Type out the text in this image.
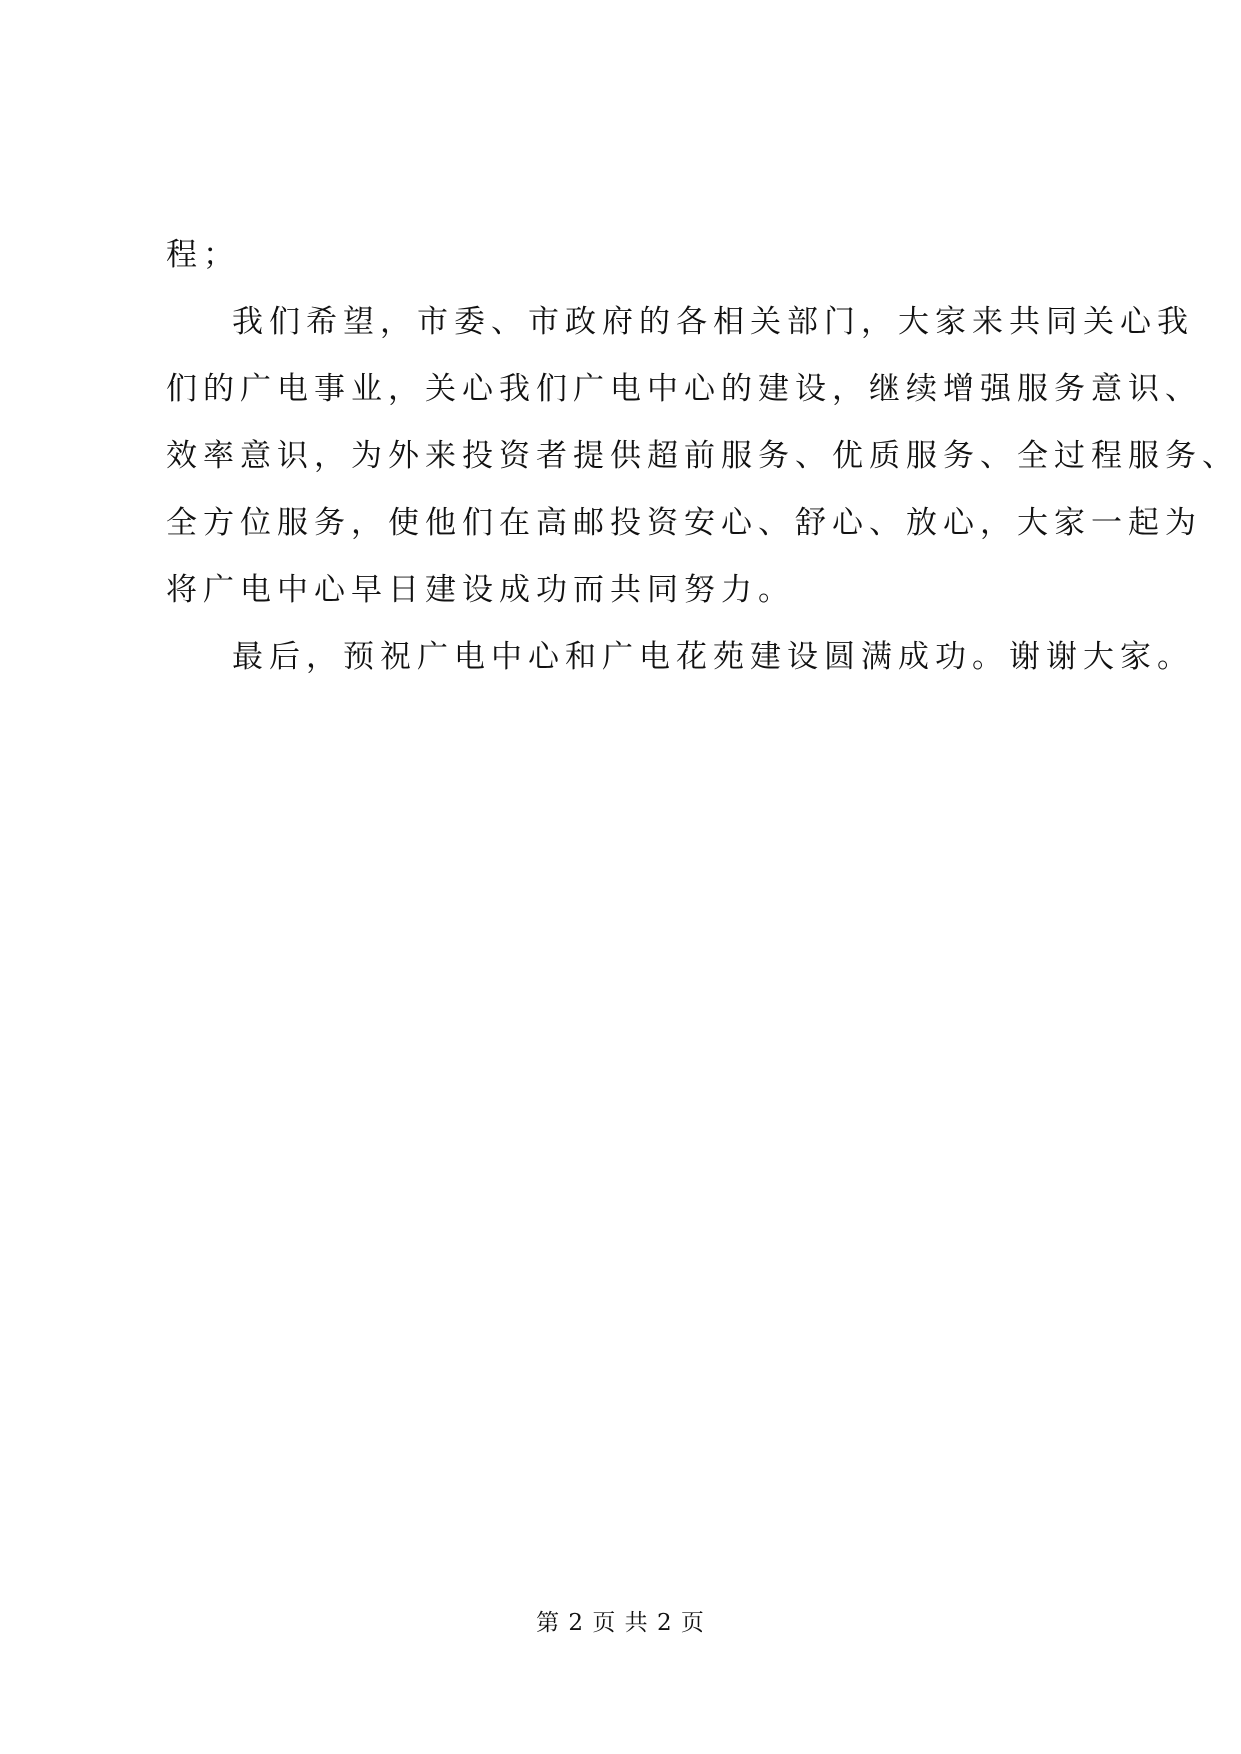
程；
我们希望，市委、市政府的各相关部门，大家来共同关心我
们的广电事业，关心我们广电中心的建设，继续增强服务意识、
效率意识，为外来投资者提供超前服务、优质服务、全过程服务、
全方位服务，使他们在高邮投资安心、舒心、放心，大家一起为
将广电中心早日建设成功而共同努力。
最后，预祝广电中心和广电花苑建设圆满成功。谢谢大家。
第 2 页 共 2 页
